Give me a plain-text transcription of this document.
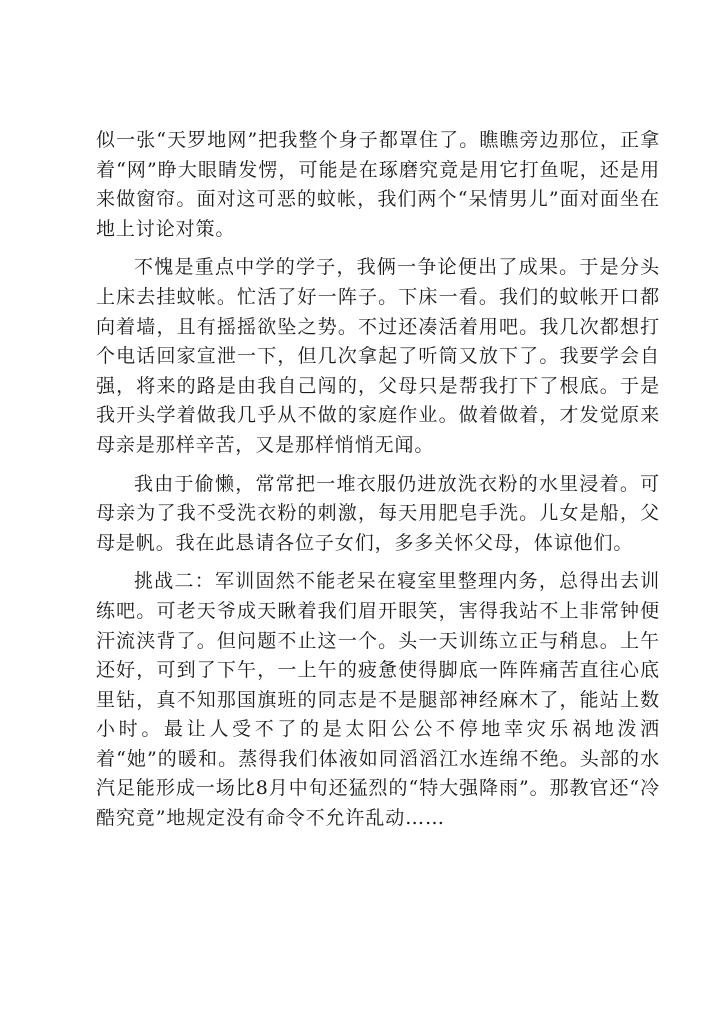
似一张“天罗地网”把我整个身子都罩住了。瞧瞧旁边那位，正拿着“网”睁大眼睛发愣，可能是在琢磨究竟是用它打鱼呢，还是用来做窗帘。面对这可恶的蚊帐，我们两个“呆情男儿”面对面坐在地上讨论对策。

不愧是重点中学的学子，我俩一争论便出了成果。于是分头上床去挂蚊帐。忙活了好一阵子。下床一看。我们的蚊帐开口都向着墙，且有摇摇欲坠之势。不过还凑活着用吧。我几次都想打个电话回家宣泄一下，但几次拿起了听筒又放下了。我要学会自强，将来的路是由我自己闯的，父母只是帮我打下了根底。于是我开头学着做我几乎从不做的家庭作业。做着做着，才发觉原来母亲是那样辛苦，又是那样悄悄无闻。

我由于偷懒，常常把一堆衣服仍进放洗衣粉的水里浸着。可母亲为了我不受洗衣粉的刺激，每天用肥皂手洗。儿女是船，父母是帆。我在此恳请各位子女们，多多关怀父母，体谅他们。

挑战二：军训固然不能老呆在寝室里整理内务，总得出去训练吧。可老天爷成天瞅着我们眉开眼笑，害得我站不上非常钟便汗流浃背了。但问题不止这一个。头一天训练立正与稍息。上午还好，可到了下午，一上午的疲惫使得脚底一阵阵痛苦直往心底里钻，真不知那国旗班的同志是不是腿部神经麻木了，能站上数小时。最让人受不了的是太阳公公不停地幸灾乐祸地泼洒着“她”的暖和。蒸得我们体液如同滔滔江水连绵不绝。头部的水汽足能形成一场比8月中旬还猛烈的“特大强降雨”。那教官还“冷酷究竟”地规定没有命令不允许乱动……
